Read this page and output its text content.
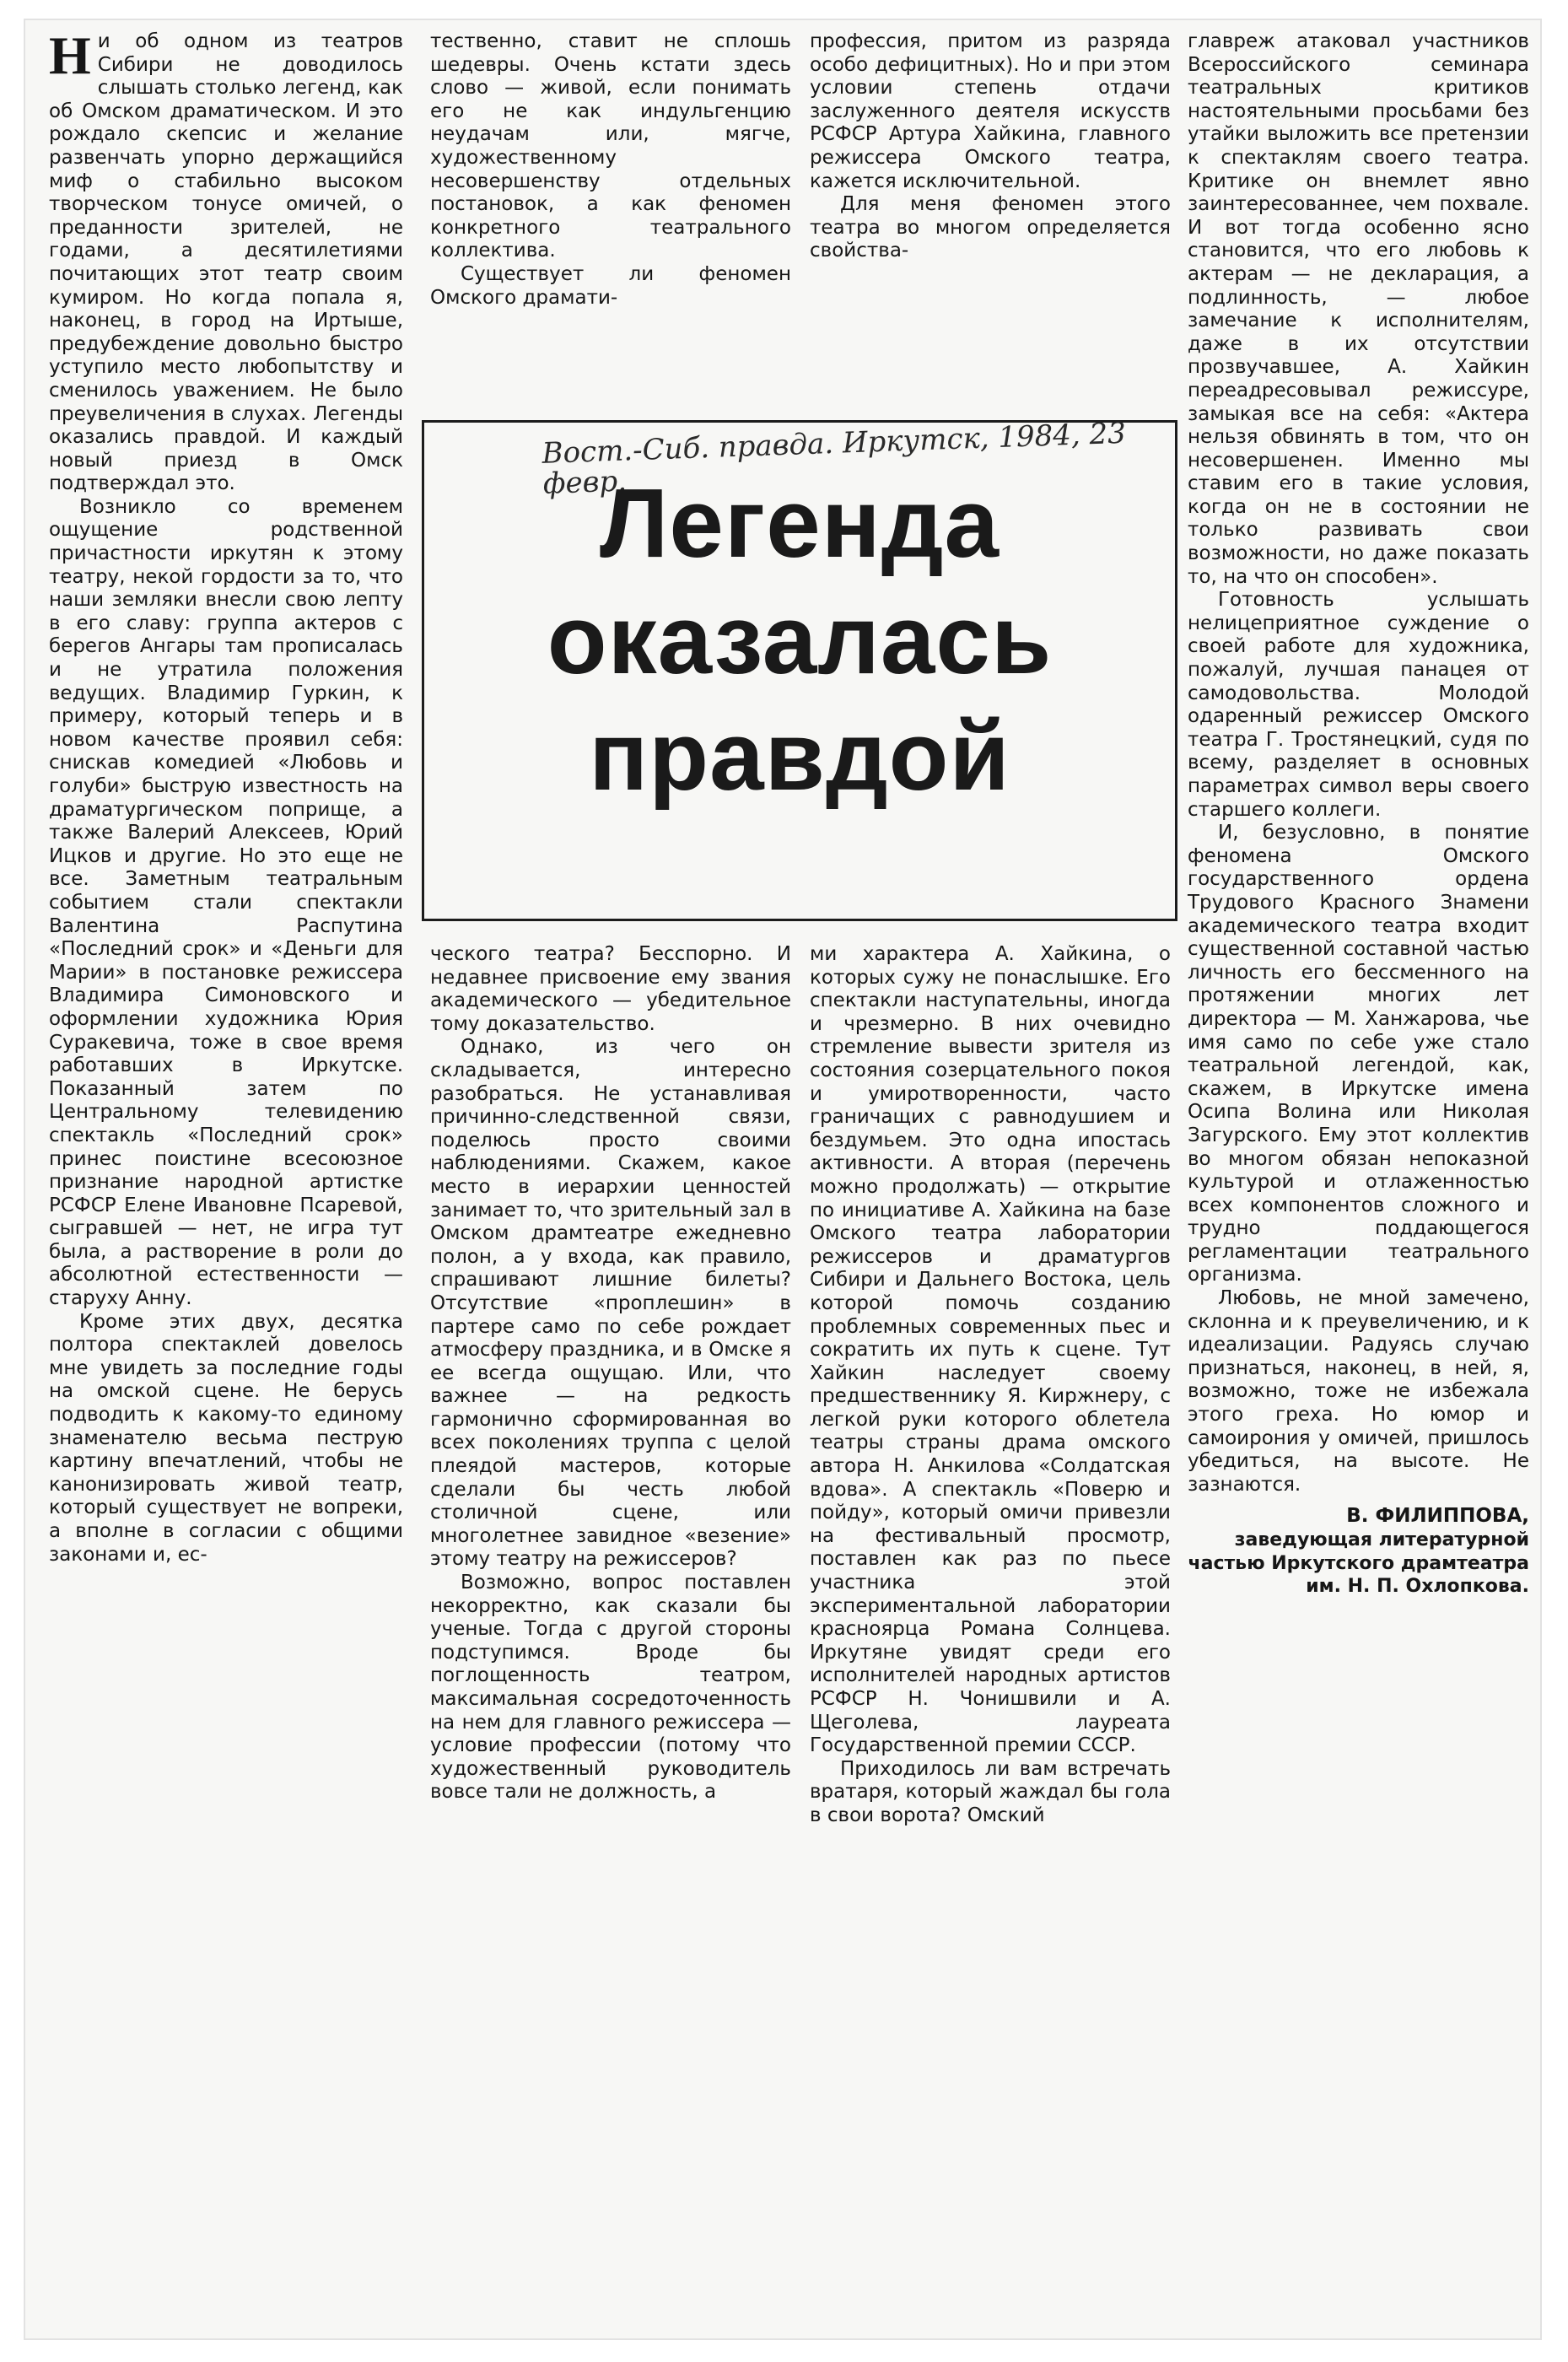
Ни об одном из театров Сибири не доводилось слышать столько легенд, как об Омском драматическом. И это рождало скепсис и желание развенчать упорно держащийся миф о стабильно высоком творческом тонусе омичей, о преданности зрителей, не годами, а десятилетиями почитающих этот театр своим кумиром. Но когда попала я, наконец, в город на Иртыше, предубеждение довольно быстро уступило место любопытству и сменилось уважением. Не было преувеличения в слухах. Легенды оказались правдой. И каждый новый приезд в Омск подтверждал это.

Возникло со временем ощущение родственной причастности иркутян к этому театру, некой гордости за то, что наши земляки внесли свою лепту в его славу: группа актеров с берегов Ангары там прописалась и не утратила положения ведущих. Владимир Гуркин, к примеру, который теперь и в новом качестве проявил себя: снискав комедией «Любовь и голуби» быструю известность на драматургическом поприще, а также Валерий Алексеев, Юрий Ицков и другие. Но это еще не все. Заметным театральным событием стали спектакли Валентина Распутина «Последний срок» и «Деньги для Марии» в постановке режиссера Владимира Симоновского и оформлении художника Юрия Суракевича, тоже в свое время работавших в Иркутске. Показанный затем по Центральному телевидению спектакль «Последний срок» принес поистине всесоюзное признание народной артистке РСФСР Елене Ивановне Псаревой, сыгравшей — нет, не игра тут была, а растворение в роли до абсолютной естественности — старуху Анну.

Кроме этих двух, десятка полтора спектаклей довелось мне увидеть за последние годы на омской сцене. Не берусь подводить к какому-то единому знаменателю весьма пеструю картину впечатлений, чтобы не канонизировать живой театр, который существует не вопреки, а вполне в согласии с общими законами и, ес-

тественно, ставит не сплошь шедевры. Очень кстати здесь слово — живой, если понимать его не как индульгенцию неудачам или, мягче, художественному несовершенству отдельных постановок, а как феномен конкретного театрального коллектива.

Существует ли феномен Омского драмати-

профессия, притом из разряда особо дефицитных). Но и при этом условии степень отдачи заслуженного деятеля искусств РСФСР Артура Хайкина, главного режиссера Омского театра, кажется исключительной.

Для меня феномен этого театра во многом определяется свойства-

Вост.-Сиб. правда. Иркутск, 1984, 23 февр.
Легенда
оказалась
правдой

ческого театра? Бесспорно. И недавнее присвоение ему звания академического — убедительное тому доказательство.

Однако, из чего он складывается, интересно разобраться. Не устанавливая причинно-следственной связи, поделюсь просто своими наблюдениями. Скажем, какое место в иерархии ценностей занимает то, что зрительный зал в Омском драмтеатре ежедневно полон, а у входа, как правило, спрашивают лишние билеты? Отсутствие «проплешин» в партере само по себе рождает атмосферу праздника, и в Омске я ее всегда ощущаю. Или, что важнее — на редкость гармонично сформированная во всех поколениях труппа с целой плеядой мастеров, которые сделали бы честь любой столичной сцене, или многолетнее завидное «везение» этому театру на режиссеров?

Возможно, вопрос поставлен некорректно, как сказали бы ученые. Тогда с другой стороны подступимся. Вроде бы поглощенность театром, максимальная сосредоточенность на нем для главного режиссера — условие профессии (потому что художественный руководитель вовсе тали не должность, а

ми характера А. Хайкина, о которых сужу не понаслышке. Его спектакли наступательны, иногда и чрезмерно. В них очевидно стремление вывести зрителя из состояния созерцательного покоя и умиротворенности, часто граничащих с равнодушием и бездумьем. Это одна ипостась активности. А вторая (перечень можно продолжать) — открытие по инициативе А. Хайкина на базе Омского театра лаборатории режиссеров и драматургов Сибири и Дальнего Востока, цель которой помочь созданию проблемных современных пьес и сократить их путь к сцене. Тут Хайкин наследует своему предшественнику Я. Киржнеру, с легкой руки которого облетела театры страны драма омского автора Н. Анкилова «Солдатская вдова». А спектакль «Поверю и пойду», который омичи привезли на фестивальный просмотр, поставлен как раз по пьесе участника этой экспериментальной лаборатории красноярца Романа Солнцева. Иркутяне увидят среди его исполнителей народных артистов РСФСР Н. Чонишвили и А. Щеголева, лауреата Государственной премии СССР.

Приходилось ли вам встречать вратаря, который жаждал бы гола в свои ворота? Омский

главреж атаковал участников Всероссийского семинара театральных критиков настоятельными просьбами без утайки выложить все претензии к спектаклям своего театра. Критике он внемлет явно заинтересованнее, чем похвале. И вот тогда особенно ясно становится, что его любовь к актерам — не декларация, а подлинность, — любое замечание к исполнителям, даже в их отсутствии прозвучавшее, А. Хайкин переадресовывал режиссуре, замыкая все на себя: «Актера нельзя обвинять в том, что он несовершенен. Именно мы ставим его в такие условия, когда он не в состоянии не только развивать свои возможности, но даже показать то, на что он способен».

Готовность услышать нелицеприятное суждение о своей работе для художника, пожалуй, лучшая панацея от самодовольства. Молодой одаренный режиссер Омского театра Г. Тростянецкий, судя по всему, разделяет в основных параметрах символ веры своего старшего коллеги.

И, безусловно, в понятие феномена Омского государственного ордена Трудового Красного Знамени академического театра входит существенной составной частью личность его бессменного на протяжении многих лет директора — М. Ханжарова, чье имя само по себе уже стало театральной легендой, как, скажем, в Иркутске имена Осипа Волина или Николая Загурского. Ему этот коллектив во многом обязан непоказной культурой и отлаженностью всех компонентов сложного и трудно поддающегося регламентации театрального организма.

Любовь, не мной замечено, склонна и к преувеличению, и к идеализации. Радуясь случаю признаться, наконец, в ней, я, возможно, тоже не избежала этого греха. Но юмор и самоирония у омичей, пришлось убедиться, на высоте. Не зазнаются.

В. ФИЛИППОВА,

заведующая литературной частью Иркутского драмтеатра им. Н. П. Охлопкова.
